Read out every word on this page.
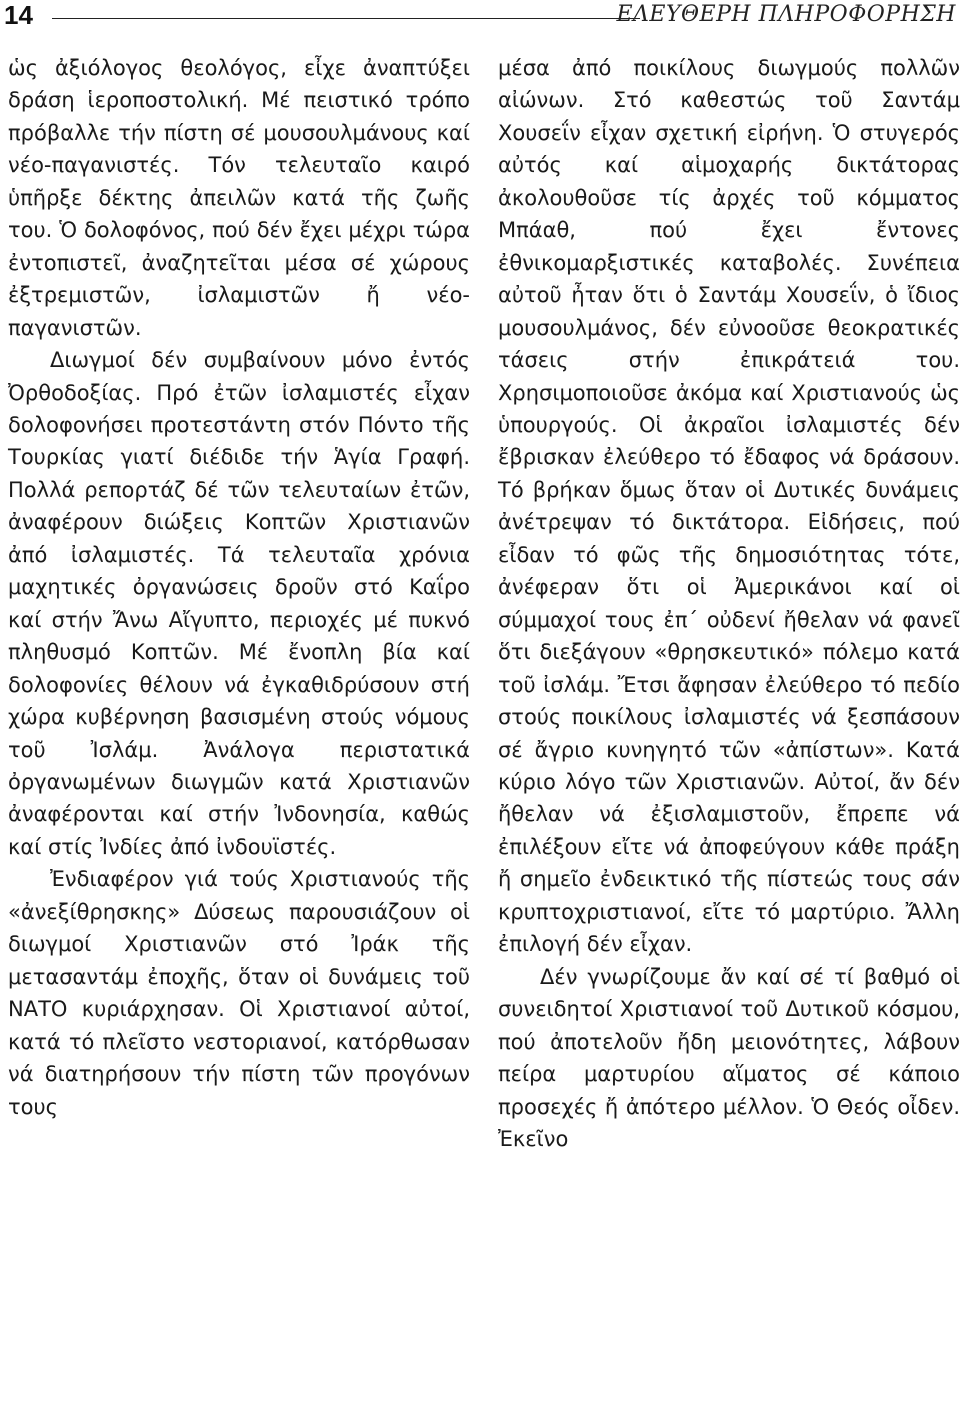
14	ΕΛΕΥΘΕΡΗ ΠΛΗΡΟΦΟΡΗΣΗ

ὡς ἀξιόλογος θεολόγος, εἶχε ἀναπτύξει δράση ἱεροποστολική. Μέ πειστικό τρόπο πρόβαλλε τήν πίστη σέ μουσουλμάνους καί νέο-παγανιστές. Τόν τελευταῖο καιρό ὑπῆρξε δέκτης ἀπειλῶν κατά τῆς ζωῆς του. Ὁ δολοφόνος, πού δέν ἔχει μέχρι τώρα ἐντοπιστεῖ, ἀναζητεῖται μέσα σέ χώρους ἐξτρεμιστῶν, ἰσλαμιστῶν ἤ νέο-παγανιστῶν.

Διωγμοί δέν συμβαίνουν μόνο ἐντός Ὀρθοδοξίας. Πρό ἐτῶν ἰσλαμιστές εἶχαν δολοφονήσει προτεστάντη στόν Πόντο τῆς Τουρκίας γιατί διέδιδε τήν Ἁγία Γραφή. Πολλά ρεπορτάζ δέ τῶν τελευταίων ἐτῶν, ἀναφέρουν διώξεις Κοπτῶν Χριστιανῶν ἀπό ἰσλαμιστές. Τά τελευταῖα χρόνια μαχητικές ὀργανώσεις δροῦν στό Καΐρο καί στήν Ἄνω Αἴγυπτο, περιοχές μέ πυκνό πληθυσμό Κοπτῶν. Μέ ἔνοπλη βία καί δολοφονίες θέλουν νά ἐγκαθιδρύσουν στή χώρα κυβέρνηση βασισμένη στούς νόμους τοῦ Ἰσλάμ. Ἀνάλογα περιστατικά ὀργανωμένων διωγμῶν κατά Χριστιανῶν ἀναφέρονται καί στήν Ἰνδονησία, καθώς καί στίς Ἰνδίες ἀπό ἰνδουϊστές.

Ἐνδιαφέρον γιά τούς Χριστιανούς τῆς «ἀνεξίθρησκης» Δύσεως παρουσιάζουν οἱ διωγμοί Χριστιανῶν στό Ἰράκ τῆς μετασαντάμ ἐποχῆς, ὅταν οἱ δυνάμεις τοῦ ΝΑΤΟ κυριάρχησαν. Οἱ Χριστιανοί αὐτοί, κατά τό πλεῖστο νεστοριανοί, κατόρθωσαν νά διατηρήσουν τήν πίστη τῶν προγόνων τους

μέσα ἀπό ποικίλους διωγμούς πολλῶν αἰώνων. Στό καθεστώς τοῦ Σαντάμ Χουσεΐν εἶχαν σχετική εἰρήνη. Ὁ στυγερός αὐτός καί αἱμοχαρής δικτάτορας ἀκολουθοῦσε τίς ἀρχές τοῦ κόμματος Μπάαθ, πού ἔχει ἔντονες ἐθνικομαρξιστικές καταβολές. Συνέπεια αὐτοῦ ἦταν ὅτι ὁ Σαντάμ Χουσεΐν, ὁ ἴδιος μουσουλμάνος, δέν εὐνοοῦσε θεοκρατικές τάσεις στήν ἐπικράτειά του. Χρησιμοποιοῦσε ἀκόμα καί Χριστιανούς ὡς ὑπουργούς. Οἱ ἀκραῖοι ἰσλαμιστές δέν ἔβρισκαν ἐλεύθερο τό ἔδαφος νά δράσουν. Τό βρήκαν ὅμως ὅταν οἱ Δυτικές δυνάμεις ἀνέτρεψαν τό δικτάτορα. Εἰδήσεις, πού εἶδαν τό φῶς τῆς δημοσιότητας τότε, ἀνέφεραν ὅτι οἱ Ἀμερικάνοι καί οἱ σύμμαχοί τους ἐπ΄ οὐδενί ἤθελαν νά φανεῖ ὅτι διεξάγουν «θρησκευτικό» πόλεμο κατά τοῦ ἰσλάμ. Ἔτσι ἄφησαν ἐλεύθερο τό πεδίο στούς ποικίλους ἰσλαμιστές νά ξεσπάσουν σέ ἄγριο κυνηγητό τῶν «ἀπίστων». Κατά κύριο λόγο τῶν Χριστιανῶν. Αὐτοί, ἄν δέν ἤθελαν νά ἐξισλαμιστοῦν, ἔπρεπε νά ἐπιλέξουν εἴτε νά ἀποφεύγουν κάθε πράξη ἤ σημεῖο ἐνδεικτικό τῆς πίστεώς τους σάν κρυπτοχριστιανοί, εἴτε τό μαρτύριο. Ἄλλη ἐπιλογή δέν εἶχαν.

Δέν γνωρίζουμε ἄν καί σέ τί βαθμό οἱ συνειδητοί Χριστιανοί τοῦ Δυτικοῦ κόσμου, πού ἀποτελοῦν ἤδη μειονότητες, λάβουν πείρα μαρτυρίου αἵματος σέ κάποιο προσεχές ἤ ἀπότερο μέλλον. Ὁ Θεός οἶδεν. Ἐκεῖνο
